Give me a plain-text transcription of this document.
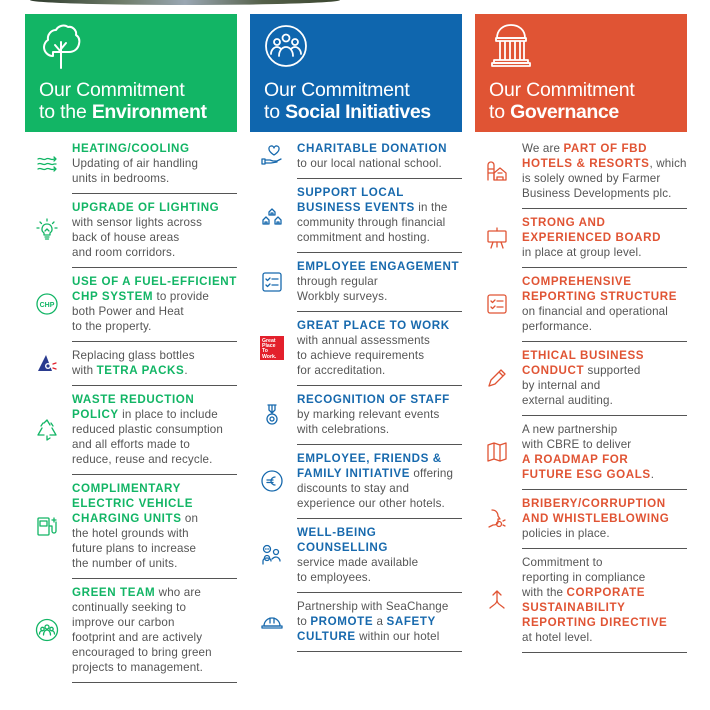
Our Commitment
to the Environment
HEATING/COOLING
Updating of air handling
units in bedrooms.
UPGRADE OF LIGHTING
with sensor lights across
back of house areas
and room corridors.
CHP
USE OF A FUEL-EFFICIENT
CHP SYSTEM to provide
both Power and Heat
to the property.
Replacing glass bottles
with TETRA PACKS.
WASTE REDUCTION
POLICY in place to include
reduced plastic consumption
and all efforts made to
reduce, reuse and recycle.
COMPLIMENTARY
ELECTRIC VEHICLE
CHARGING UNITS on
the hotel grounds with
future plans to increase
the number of units.
GREEN TEAM who are
continually seeking to
improve our carbon
footprint and are actively
encouraged to bring green
projects to management.
Our Commitment
to Social Initiatives
CHARITABLE DONATION
to our local national school.
SUPPORT LOCAL
BUSINESS EVENTS in the
community through financial
commitment and hosting.
EMPLOYEE ENGAGEMENT
through regular
Workbly surveys.
Great
Place
To
Work.
GREAT PLACE TO WORK
with annual assessments
to achieve requirements
for accreditation.
RECOGNITION OF STAFF
by marking relevant events
with celebrations.
EMPLOYEE, FRIENDS &
FAMILY INITIATIVE offering
discounts to stay and
experience our other hotels.
WELL-BEING COUNSELLING
service made available
to employees.
Partnership with SeaChange
to PROMOTE a SAFETY
CULTURE within our hotel
Our Commitment
to Governance
We are PART OF FBD
HOTELS & RESORTS, which
is solely owned by Farmer
Business Developments plc.
STRONG AND
EXPERIENCED BOARD
in place at group level.
COMPREHENSIVE
REPORTING STRUCTURE
on financial and operational
performance.
ETHICAL BUSINESS
CONDUCT supported
by internal and
external auditing.
A new partnership
with CBRE to deliver
A ROADMAP FOR
FUTURE ESG GOALS.
BRIBERY/CORRUPTION
AND WHISTLEBLOWING
policies in place.
Commitment to
reporting in compliance
with the CORPORATE
SUSTAINABILITY
REPORTING DIRECTIVE
at hotel level.
